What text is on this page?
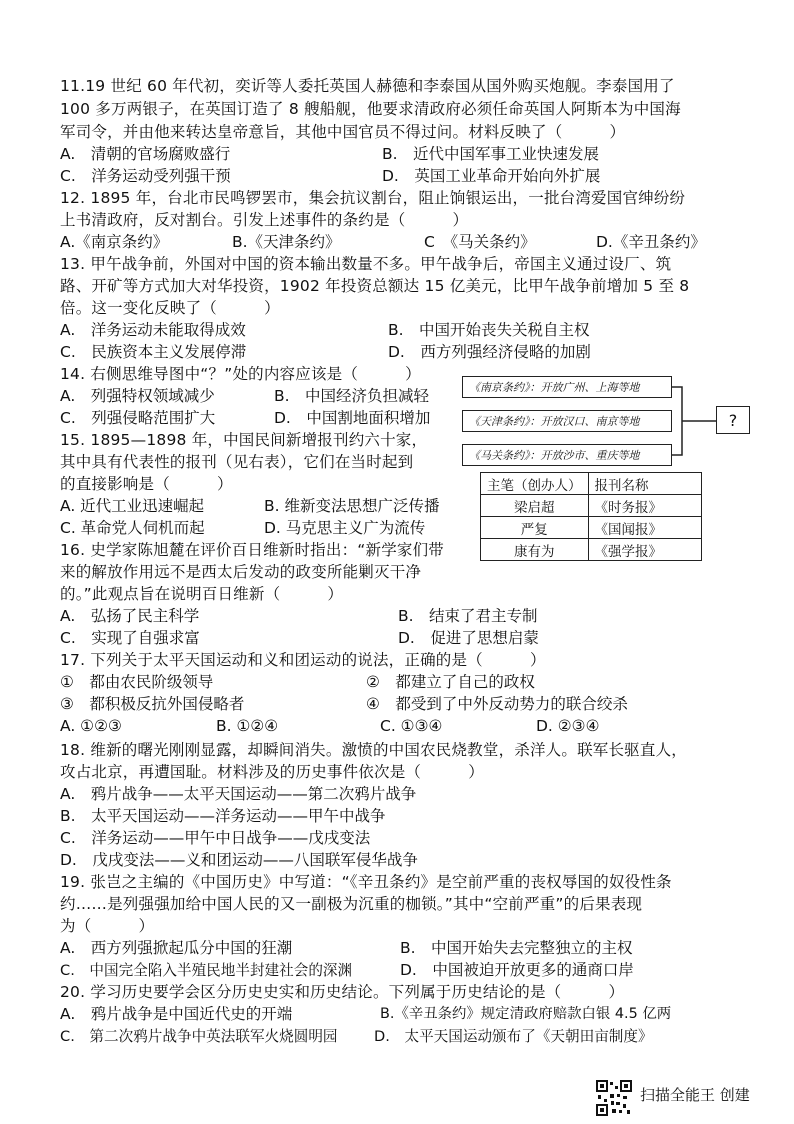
11.19 世纪 60 年代初，奕䜣等人委托英国人赫德和李泰国从国外购买炮舰。李泰国用了
100 多万两银子，在英国订造了 8 艘船舰，他要求清政府必须任命英国人阿斯本为中国海
军司令，并由他来转达皇帝意旨，其他中国官员不得过问。材料反映了（　　　）
A.　清朝的官场腐败盛行	B.　近代中国军事工业快速发展
C.　洋务运动受列强干预	D.　英国工业革命开始向外扩展
12. 1895 年，台北市民鸣锣罢市，集会抗议割台，阻止饷银运出，一批台湾爱国官绅纷纷
上书清政府，反对割台。引发上述事件的条约是（　　　）
A.《南京条约》	B.《天津条约》	C　《马关条约》	D.《辛丑条约》
13. 甲午战争前，外国对中国的资本输出数量不多。甲午战争后，帝国主义通过设厂、筑
路、开矿等方式加大对华投资，1902 年投资总额达 15 亿美元，比甲午战争前增加 5 至 8
倍。这一变化反映了（　　　）
A.　洋务运动未能取得成效	B.　中国开始丧失关税自主权
C.　民族资本主义发展停滞	D.　西方列强经济侵略的加剧
14. 右侧思维导图中“？”处的内容应该是（　　　）
A.　列强特权领域减少	B.　中国经济负担减轻
C.　列强侵略范围扩大	D.　中国割地面积增加
《南京条约》：开放广州、上海等地
《天津条约》：开放汉口、南京等地
《马关条约》：开放沙市、重庆等地
?
15. 1895—1898 年，中国民间新增报刊约六十家，
其中具有代表性的报刊（见右表），它们在当时起到
的直接影响是（　　　）
A. 近代工业迅速崛起	B. 维新变法思想广泛传播
C. 革命党人伺机而起	D. 马克思主义广为流传
主笔（创办人）	报刊名称
梁启超	《时务报》
严复	《国闻报》
康有为	《强学报》
16. 史学家陈旭麓在评价百日维新时指出：“新学家们带
来的解放作用远不是西太后发动的政变所能剿灭干净
的。”此观点旨在说明百日维新（　　　）
A.　弘扬了民主科学	B.　结束了君主专制
C.　实现了自强求富	D.　促进了思想启蒙
17. 下列关于太平天国运动和义和团运动的说法，正确的是（　　　）
①　都由农民阶级领导	②　都建立了自己的政权
③　都积极反抗外国侵略者	④　都受到了中外反动势力的联合绞杀
A. ①②③	B. ①②④	C. ①③④	D. ②③④
18. 维新的曙光刚刚显露，却瞬间消失。激愤的中国农民烧教堂，杀洋人。联军长驱直人，
攻占北京，再遭国耻。材料涉及的历史事件依次是（　　　）
A.　鸦片战争——太平天国运动——第二次鸦片战争
B.　太平天国运动——洋务运动——甲午中战争
C.　洋务运动——甲午中日战争——戊戌变法
D.　戊戌变法——义和团运动——八国联军侵华战争
19. 张岂之主编的《中国历史》中写道：“《辛丑条约》是空前严重的丧权辱国的奴役性条
约……是列强强加给中国人民的又一副极为沉重的枷锁。”其中“空前严重”的后果表现
为（　　　）
A.　西方列强掀起瓜分中国的狂潮	B.　中国开始失去完整独立的主权
C.　中国完全陷入半殖民地半封建社会的深渊	D.　中国被迫开放更多的通商口岸
20. 学习历史要学会区分历史史实和历史结论。下列属于历史结论的是（　　　）
A.　鸦片战争是中国近代史的开端	B.《辛丑条约》规定清政府赔款白银 4.5 亿两
C.　第二次鸦片战争中英法联军火烧圆明园 D.　太平天国运动颁布了《天朝田亩制度》
扫描全能王 创建
